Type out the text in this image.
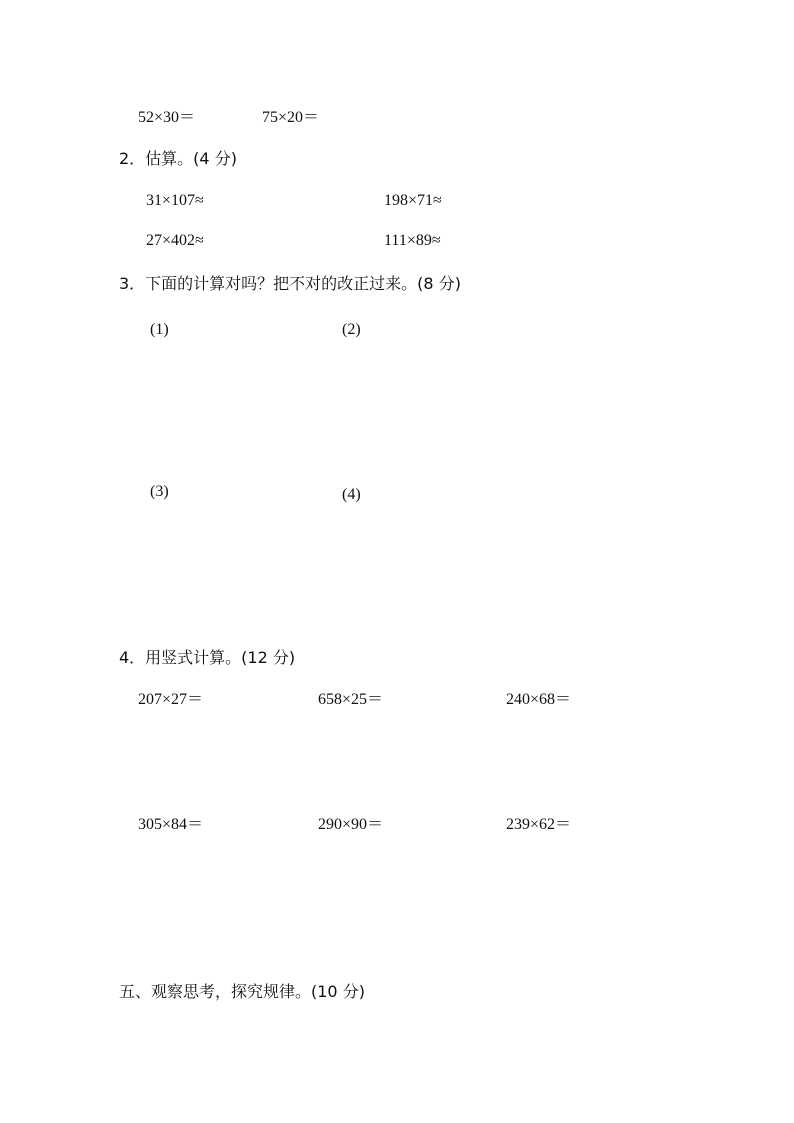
52×30＝	75×20＝
2．估算。(4 分)
31×107≈	198×71≈
27×402≈	111×89≈
3．下面的计算对吗？把不对的改正过来。(8 分)
(1)	(2)
(3)	(4)
4．用竖式计算。(12 分)
207×27＝	658×25＝	240×68＝
305×84＝	290×90＝	239×62＝
五、观察思考，探究规律。(10 分)
